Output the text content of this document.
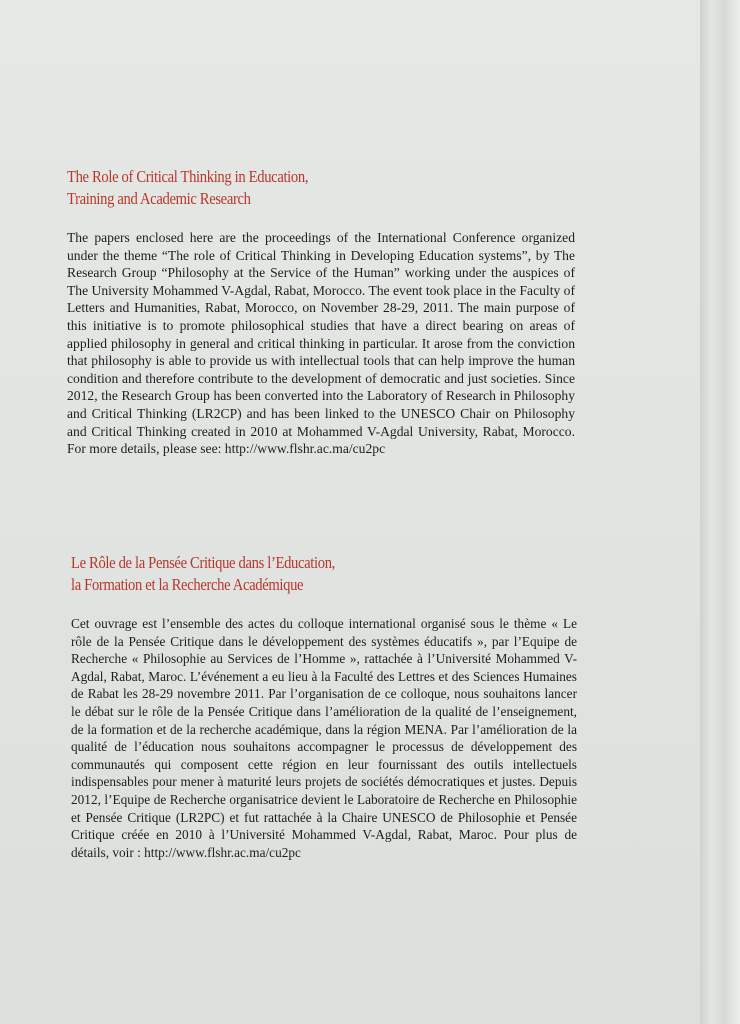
The Role of Critical Thinking in Education,
Training and Academic Research

The papers enclosed here are the proceedings of the International Conference organized under the theme “The role of Critical Thinking in Developing Education systems”, by The Research Group “Philosophy at the Service of the Human” working under the auspices of The University Mohammed V-Agdal, Rabat, Morocco. The event took place in the Faculty of Letters and Humanities, Rabat, Morocco, on November 28-29, 2011. The main purpose of this initiative is to promote philosophical studies that have a direct bearing on areas of applied philosophy in general and critical thinking in particular. It arose from the conviction that philosophy is able to provide us with intellectual tools that can help improve the human condition and therefore contribute to the development of democratic and just societies. Since 2012, the Research Group has been converted into the Laboratory of Research in Philosophy and Critical Thinking (LR2CP) and has been linked to the UNESCO Chair on Philosophy and Critical Thinking created in 2010 at Mohammed V-Agdal University, Rabat, Morocco. For more details, please see: http://www.flshr.ac.ma/cu2pc

Le Rôle de la Pensée Critique dans l’Education,
la Formation et la Recherche Académique

Cet ouvrage est l’ensemble des actes du colloque international organisé sous le thème « Le rôle de la Pensée Critique dans le développement des systèmes éducatifs », par l’Equipe de Recherche « Philosophie au Services de l’Homme », rattachée à l’Université Mohammed V-Agdal, Rabat, Maroc. L’événement a eu lieu à la Faculté des Lettres et des Sciences Humaines de Rabat les 28-29 novembre 2011. Par l’organisation de ce colloque, nous souhaitons lancer le débat sur le rôle de la Pensée Critique dans l’amélioration de la qualité de l’enseignement, de la formation et de la recherche académique, dans la région MENA. Par l’amélioration de la qualité de l’éducation nous souhaitons accompagner le processus de développement des communautés qui composent cette région en leur fournissant des outils intellectuels indispensables pour mener à maturité leurs projets de sociétés démocratiques et justes. Depuis 2012, l’Equipe de Recherche organisatrice devient le Laboratoire de Recherche en Philosophie et Pensée Critique (LR2PC) et fut rattachée à la Chaire UNESCO de Philosophie et Pensée Critique créée en 2010 à l’Université Mohammed V-Agdal, Rabat, Maroc. Pour plus de détails, voir : http://www.flshr.ac.ma/cu2pc
